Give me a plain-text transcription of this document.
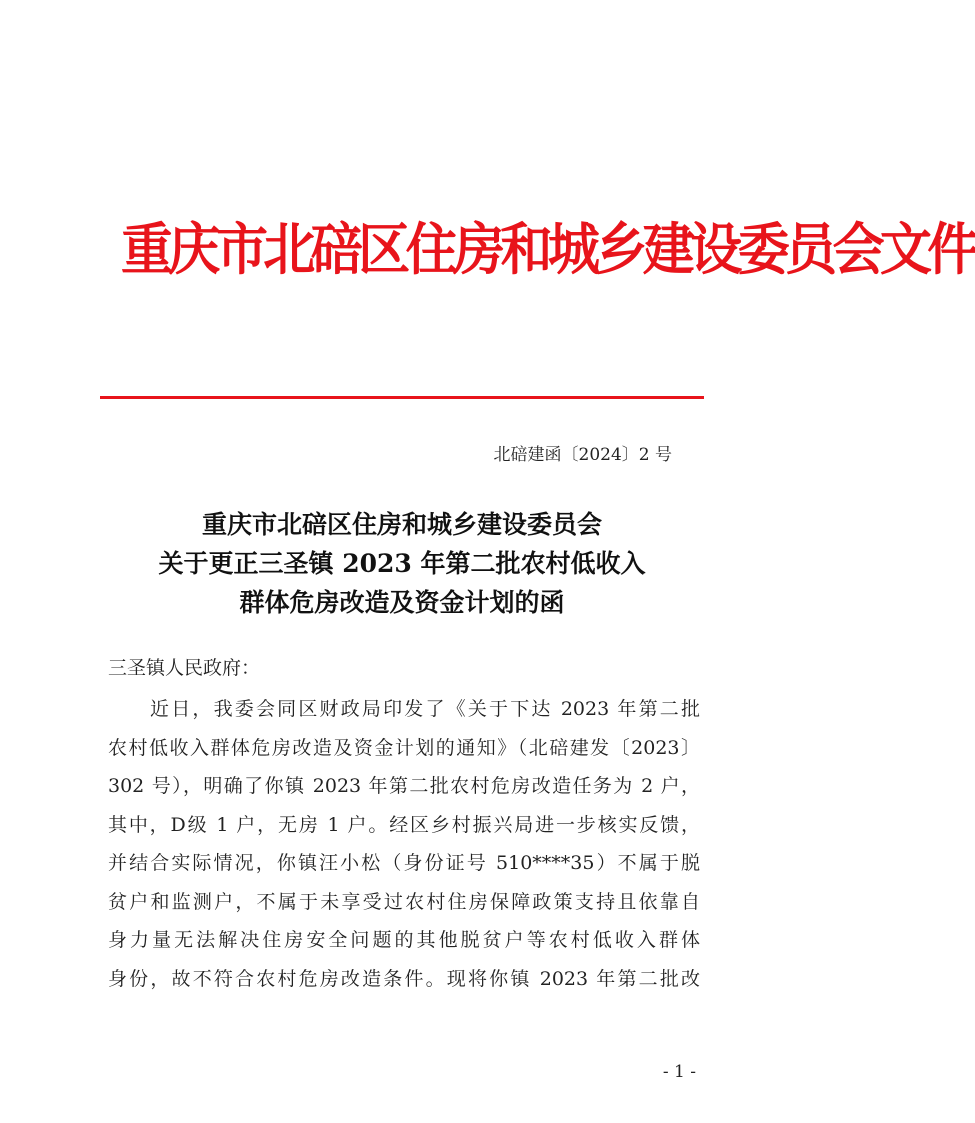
重庆市北碚区住房和城乡建设委员会文件
北碚建函〔2024〕2 号
重庆市北碚区住房和城乡建设委员会
关于更正三圣镇 2023 年第二批农村低收入
群体危房改造及资金计划的函
三圣镇人民政府：
近日，我委会同区财政局印发了《关于下达 2023 年第二批
农村低收入群体危房改造及资金计划的通知》（北碚建发〔2023〕
302 号），明确了你镇 2023 年第二批农村危房改造任务为 2 户，
其中，D级 1 户，无房 1 户。经区乡村振兴局进一步核实反馈，
并结合实际情况，你镇汪小松（身份证号 510****35）不属于脱
贫户和监测户，不属于未享受过农村住房保障政策支持且依靠自
身力量无法解决住房安全问题的其他脱贫户等农村低收入群体
身份，故不符合农村危房改造条件。现将你镇 2023 年第二批改
- 1 -
